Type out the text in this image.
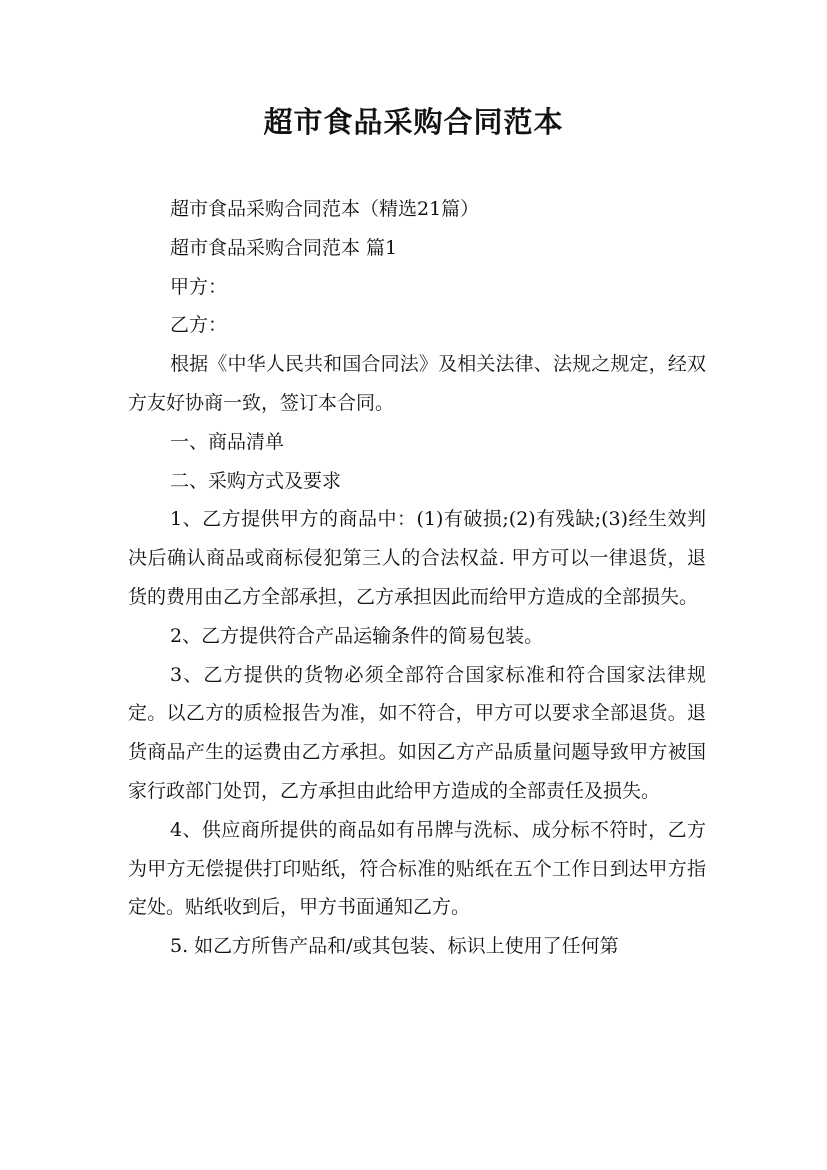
超市食品采购合同范本

超市食品采购合同范本（精选21篇）

超市食品采购合同范本 篇1

甲方：

乙方：

根据《中华人民共和国合同法》及相关法律、法规之规定，经双方友好协商一致，签订本合同。

一、商品清单

二、采购方式及要求

1、乙方提供甲方的商品中：(1)有破损;(2)有残缺;(3)经生效判决后确认商品或商标侵犯第三人的合法权益. 甲方可以一律退货，退货的费用由乙方全部承担，乙方承担因此而给甲方造成的全部损失。

2、乙方提供符合产品运输条件的简易包装。

3、乙方提供的货物必须全部符合国家标准和符合国家法律规定。以乙方的质检报告为准，如不符合，甲方可以要求全部退货。退货商品产生的运费由乙方承担。如因乙方产品质量问题导致甲方被国家行政部门处罚，乙方承担由此给甲方造成的全部责任及损失。

4、供应商所提供的商品如有吊牌与洗标、成分标不符时，乙方为甲方无偿提供打印贴纸，符合标准的贴纸在五个工作日到达甲方指定处。贴纸收到后，甲方书面通知乙方。

5. 如乙方所售产品和/或其包装、标识上使用了任何第
